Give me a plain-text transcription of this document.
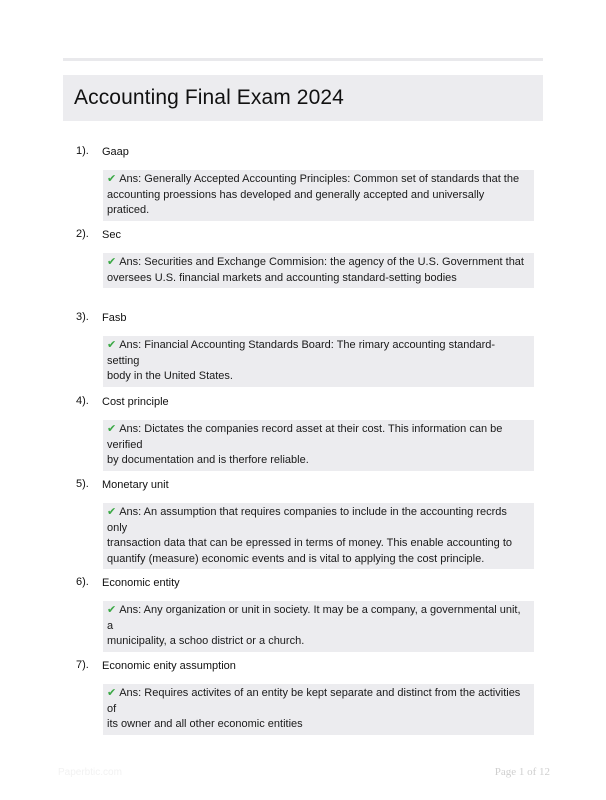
Accounting Final Exam 2024
1). Gaap
✔ Ans: Generally Accepted Accounting Principles: Common set of standards that the
accounting proessions has developed and generally accepted and universally praticed.
2). Sec
✔ Ans: Securities and Exchange Commision: the agency of the U.S. Government that
oversees U.S. financial markets and accounting standard-setting bodies
3). Fasb
✔ Ans: Financial Accounting Standards Board: The rimary accounting standard- setting
body in the United States.
4). Cost principle
✔ Ans: Dictates the companies record asset at their cost. This information can be verified
by documentation and is therfore reliable.
5). Monetary unit
✔ Ans: An assumption that requires companies to include in the accounting recrds only
transaction data that can be epressed in terms of money. This enable accounting to
quantify (measure) economic events and is vital to applying the cost principle.
6). Economic entity
✔ Ans: Any organization or unit in society. It may be a company, a governmental unit, a
municipality, a schoo district or a church.
7). Economic enity assumption
✔ Ans: Requires activites of an entity be kept separate and distinct from the activities of
its owner and all other economic entities
Paperbtic.com	Page 1 of 12
